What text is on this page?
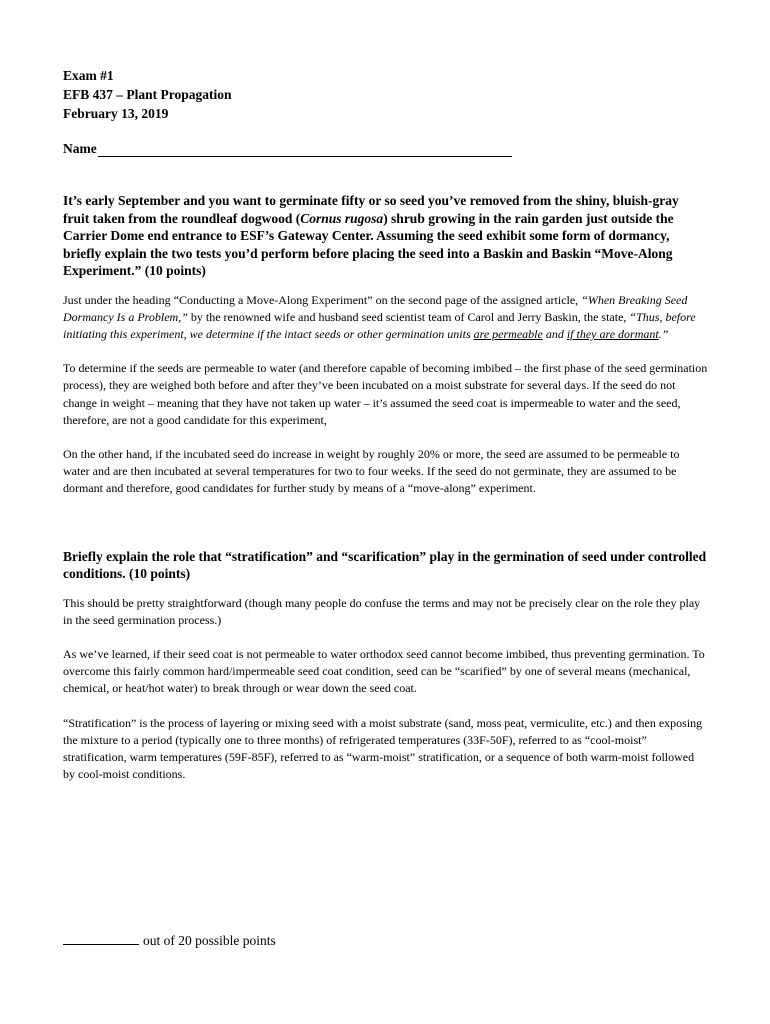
Exam #1
EFB 437 – Plant Propagation
February 13, 2019
Name
It’s early September and you want to germinate fifty or so seed you’ve removed from the shiny, bluish-gray fruit taken from the roundleaf dogwood (Cornus rugosa) shrub growing in the rain garden just outside the Carrier Dome end entrance to ESF’s Gateway Center. Assuming the seed exhibit some form of dormancy, briefly explain the two tests you’d perform before placing the seed into a Baskin and Baskin “Move-Along Experiment.” (10 points)

Just under the heading “Conducting a Move-Along Experiment” on the second page of the assigned article, “When Breaking Seed Dormancy Is a Problem,” by the renowned wife and husband seed scientist team of Carol and Jerry Baskin, the state, “Thus, before initiating this experiment, we determine if the intact seeds or other germination units are permeable and if they are dormant.”

To determine if the seeds are permeable to water (and therefore capable of becoming imbibed – the first phase of the seed germination process), they are weighed both before and after they’ve been incubated on a moist substrate for several days. If the seed do not change in weight – meaning that they have not taken up water – it’s assumed the seed coat is impermeable to water and the seed, therefore, are not a good candidate for this experiment,

On the other hand, if the incubated seed do increase in weight by roughly 20% or more, the seed are assumed to be permeable to water and are then incubated at several temperatures for two to four weeks. If the seed do not germinate, they are assumed to be dormant and therefore, good candidates for further study by means of a “move-along” experiment.

Briefly explain the role that “stratification” and “scarification” play in the germination of seed under controlled conditions. (10 points)

This should be pretty straightforward (though many people do confuse the terms and may not be precisely clear on the role they play in the seed germination process.)

As we’ve learned, if their seed coat is not permeable to water orthodox seed cannot become imbibed, thus preventing germination. To overcome this fairly common hard/impermeable seed coat condition, seed can be “scarified” by one of several means (mechanical, chemical, or heat/hot water) to break through or wear down the seed coat.

“Stratification” is the process of layering or mixing seed with a moist substrate (sand, moss peat, vermiculite, etc.) and then exposing the mixture to a period (typically one to three months) of refrigerated temperatures (33F-50F), referred to as “cool-moist” stratification, warm temperatures (59F-85F), referred to as “warm-moist” stratification, or a sequence of both warm-moist followed by cool-moist conditions.

out of 20 possible points
